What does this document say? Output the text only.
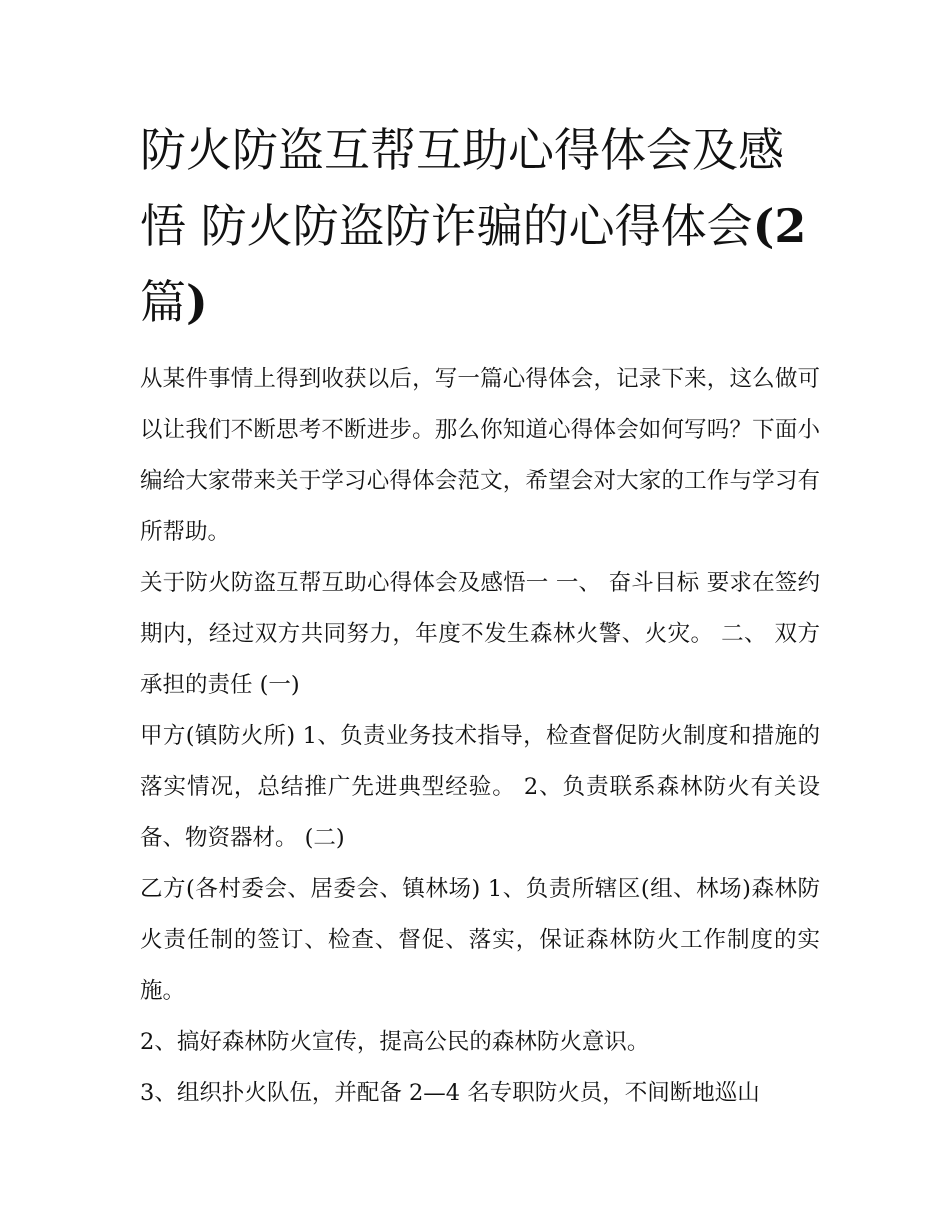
防火防盗互帮互助心得体会及感悟 防火防盗防诈骗的心得体会(2篇)

从某件事情上得到收获以后，写一篇心得体会，记录下来，这么做可以让我们不断思考不断进步。那么你知道心得体会如何写吗？下面小编给大家带来关于学习心得体会范文，希望会对大家的工作与学习有所帮助。

关于防火防盗互帮互助心得体会及感悟一 一、 奋斗目标 要求在签约期内，经过双方共同努力，年度不发生森林火警、火灾。 二、 双方承担的责任 (一)

甲方(镇防火所) 1、负责业务技术指导，检查督促防火制度和措施的落实情况，总结推广先进典型经验。 2、负责联系森林防火有关设备、物资器材。 (二)

乙方(各村委会、居委会、镇林场) 1、负责所辖区(组、林场)森林防火责任制的签订、检查、督促、落实，保证森林防火工作制度的实施。

2、搞好森林防火宣传，提高公民的森林防火意识。

3、组织扑火队伍，并配备 2—4 名专职防火员，不间断地巡山
